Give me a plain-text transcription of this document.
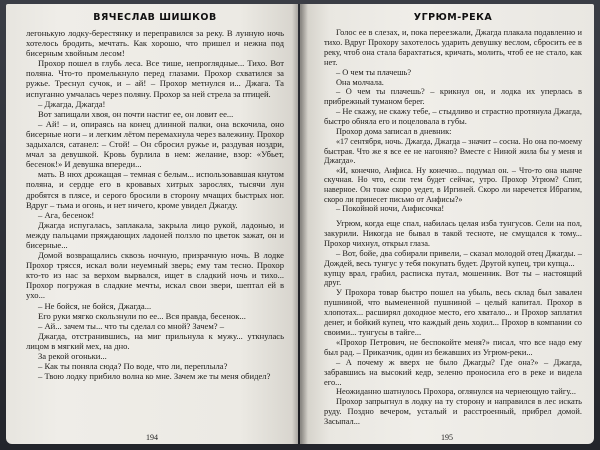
ВЯЧЕСЛАВ ШИШКОВ

легонькую лодку-берестянку и переправился за реку. В лунную ночь хотелось бродить, мечтать. Как хорошо, что пришел и нежна под бисерным хвойным лесом!

Прохор пошел в глубь леса. Все тише, непроглядные... Тихо. Вот поляна. Что-то промелькнуло перед глазами. Прохор схватился за ружье. Треснул сучок, и – ай! – Прохор метнулся и... Джага. Та испуганно умчалась через поляну. Прохор за ней стрела за птицей.

– Джагда, Джагда!

Вот запищали хвоя, он почти настиг ее, он ловит ее...

– Ай! – и, опираясь на конец длинной палки, она вскочила, оно бисерные ноги – и легким лётом перемахнула через валежину. Прохор задыхался, сатанел: – Стой! – Он сбросил ружье и, раздувая ноздри, мчал за девушкой. Кровь бурлила в нем: желание, взор: «Убьет, бесенок!» И девушка впереди...

мать. В нюх дрожащая – темная с белым... использовавшая кнутом поляна, и сердце его в кровавых хитрых зарослях, тысячи лун дробятся в плясе, и серого бросили в сторону мчащих быстрых ног. Вдруг – тьма и огонь, и нет ничего, кроме увидел Джагду.

– Ага, бесенок!

Джагда испугалась, заплакала, закрыла лицо рукой, ладонью, и между пальцами пряждающих ладоней ползло по цветок зажат, он и бисерные...

Домой возвращались сквозь ночную, призрачную ночь. В лодке Прохор трясся, искал воли неуемный зверь; ему там тесно. Прохор кто-то из нас за верхом вырвался, ищет в сладкий ночь и тихо... Прохор погружая в сладкие мечты, искал свои звери, шептал ей в ухо...

– Не бойся, не бойся, Джагда...

Его руки мягко скользнули по ее... Вся правда, бесенок...

– Ай... зачем ты... что ты сделал со мной? Зачем? –

Джагда, отстранившись, на миг прильнула к мужу... уткнулась лицом в мягкий мех, на дно.

За рекой огоньки...

– Как ты поняла сюда? По воде, что ли, переплыла?

– Твою лодку прибило волна ко мне. Зачем же ты меня обидел?

194
УГРЮМ-РЕКА

Голос ее в слезах, и, пока переезжали, Джагда плакала подавленно и тихо. Вдруг Прохору захотелось ударить девушку веслом, сбросить ее в реку, чтоб она стала барахтаться, кричать, молить, чтоб ее не стало, как нет.

– О чем ты плачешь?

Она молчала.

– О чем ты плачешь? – крикнул он, и лодка их уперлась в прибрежный туманом берег.

– Не скажу, не скажу тебе, – стыдливо и страстно протянула Джагда, быстро обняла его и поцеловала в губы.

Прохор дома записал в дневник:

«17 сентября, ночь. Джагда, Джагда – значит – сосна. Но она по-моему быстрая. Что же я все ее не нагоняю? Вместе с Ниной жила бы у меня и Джагда».

«И, конечно, Анфиса. Ну конечно... подумал он. – Что-то она нынче скучная. Но что, если тем будет сейчас, утро. Прохор Угрюм? Спит, наверное. Он тоже скоро уедет, в Иргиней. Скоро ли наречется Ибрагим, скоро ли принесет письмо от Анфисы?»

– Покойной ночи, Анфисочка!

Угрюм, когда еще спал, набилась целая изба тунгусов. Сели на пол, закурили. Никогда не бывал в такой тесноте, не смущался к тому... Прохор чихнул, открыл глаза.

– Вот, бойе, два собирали привели, – сказал молодой отец Джагды. – Дождей, весь тунгус у тебя покупать будет. Другой купец, три купца...

купцу врал, грабил, расписка путал, мошенник. Вот ты – настоящий друг.

У Прохора товар быстро пошел на убыль, весь склад был завален пушниной, что вымененной пушниной – целый капитал. Прохор в хлопотах... расширял доходное место, его хватало... и Прохор заплатил денег, и бойкий купец, что каждый день ходил... Прохор в компании со своими... тунгусы в тайге...

«Прохор Петрович, не беспокойте меня?» писал, что все надо ему был рад. – Приказчик, один из бежавших из Угрюм-реки...

– А почему ж вверх не было Джагды? Где она?» – Джагда, забравшись на высокий кедр, зеленю проносила его в реке и видела его...

Неожиданно шатнулось Прохора, оглянулся на чернеющую тайгу...

Прохор запрыгнул в лодку на ту сторону и направился в лес искать руду. Поздно вечером, усталый и расстроенный, прибрел домой. Засыпал...

195
